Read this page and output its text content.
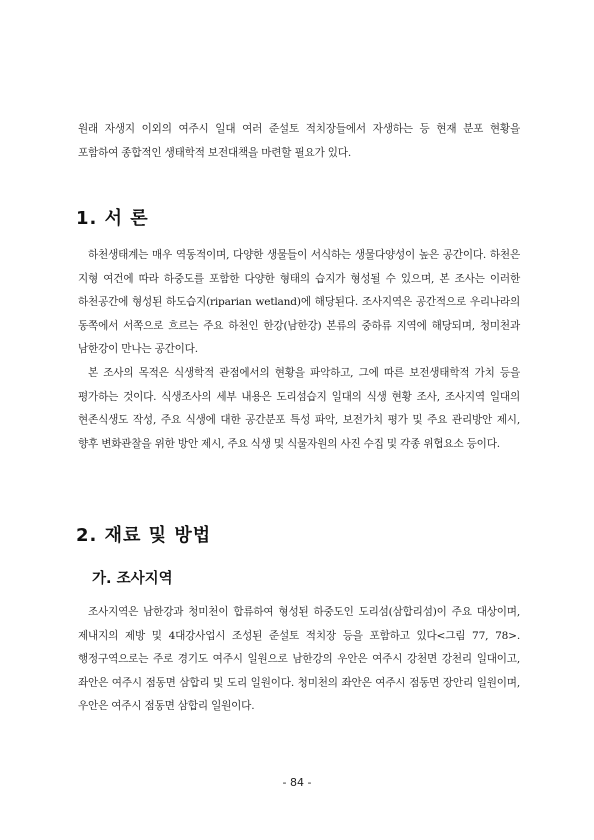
원래 자생지 이외의 여주시 일대 여러 준설토 적치장들에서 자생하는 등 현재 분포 현황을 포함하여 종합적인 생태학적 보전대책을 마련할 필요가 있다.

1. 서 론

하천생태계는 매우 역동적이며, 다양한 생물들이 서식하는 생물다양성이 높은 공간이다. 하천은 지형 여건에 따라 하중도를 포함한 다양한 형태의 습지가 형성될 수 있으며, 본 조사는 이러한 하천공간에 형성된 하도습지(riparian wetland)에 해당된다. 조사지역은 공간적으로 우리나라의 동쪽에서 서쪽으로 흐르는 주요 하천인 한강(남한강) 본류의 중하류 지역에 해당되며, 청미천과 남한강이 만나는 공간이다.

본 조사의 목적은 식생학적 관점에서의 현황을 파악하고, 그에 따른 보전생태학적 가치 등을 평가하는 것이다. 식생조사의 세부 내용은 도리섬습지 일대의 식생 현황 조사, 조사지역 일대의 현존식생도 작성, 주요 식생에 대한 공간분포 특성 파악, 보전가치 평가 및 주요 관리방안 제시, 향후 변화관찰을 위한 방안 제시, 주요 식생 및 식물자원의 사진 수집 및 각종 위협요소 등이다.

2. 재료 및 방법
가. 조사지역

조사지역은 남한강과 청미천이 합류하여 형성된 하중도인 도리섬(삼합리섬)이 주요 대상이며, 제내지의 제방 및 4대강사업시 조성된 준설토 적치장 등을 포함하고 있다<그림 77, 78>. 행정구역으로는 주로 경기도 여주시 일원으로 남한강의 우안은 여주시 강천면 강천리 일대이고, 좌안은 여주시 점동면 삼합리 및 도리 일원이다. 청미천의 좌안은 여주시 점동면 장안리 일원이며, 우안은 여주시 점동면 삼합리 일원이다.

- 84 -
